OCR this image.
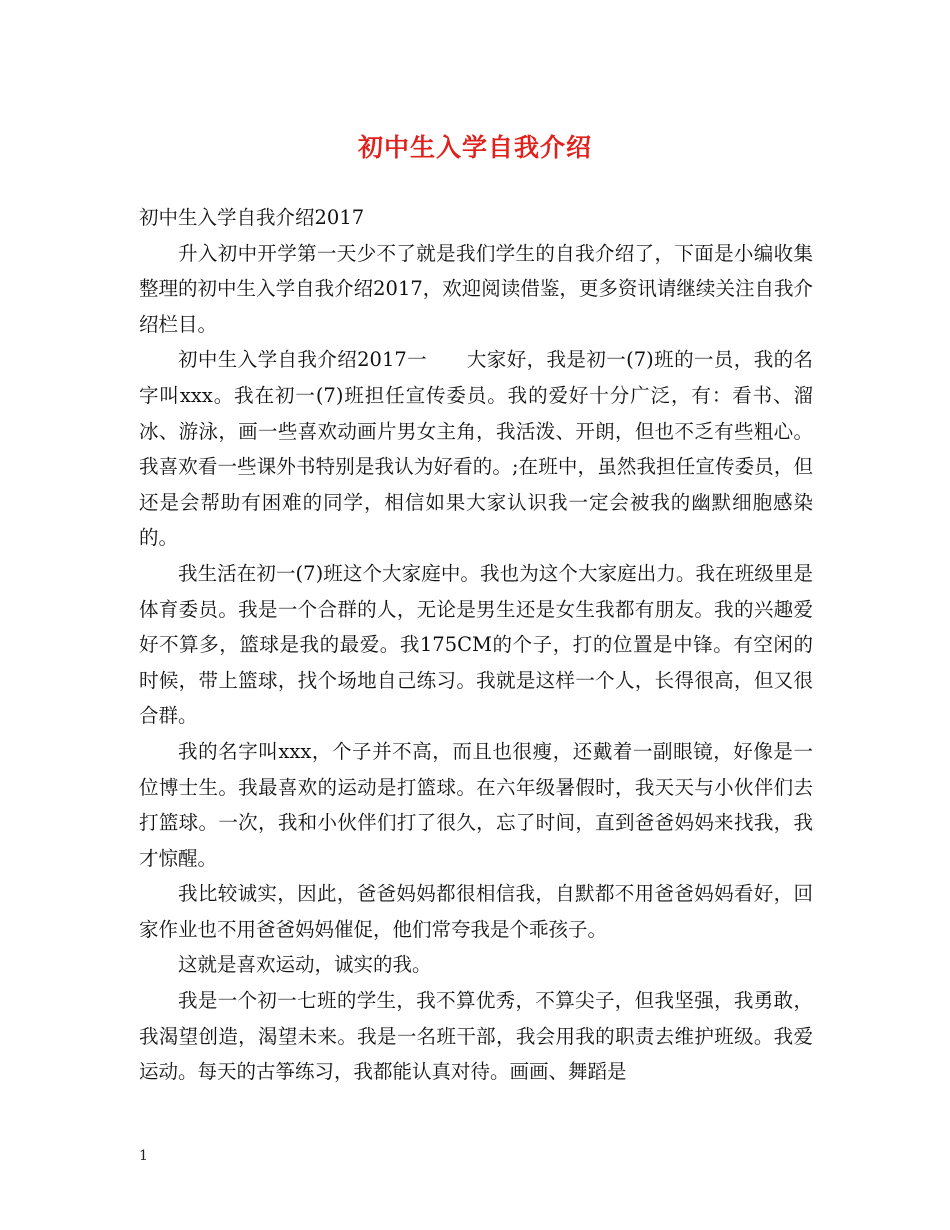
初中生入学自我介绍

初中生入学自我介绍2017

升入初中开学第一天少不了就是我们学生的自我介绍了，下面是小编收集整理的初中生入学自我介绍2017，欢迎阅读借鉴，更多资讯请继续关注自我介绍栏目。

初中生入学自我介绍2017一　　大家好，我是初一(7)班的一员，我的名字叫xxx。我在初一(7)班担任宣传委员。我的爱好十分广泛，有：看书、溜冰、游泳，画一些喜欢动画片男女主角，我活泼、开朗，但也不乏有些粗心。我喜欢看一些课外书特别是我认为好看的。;在班中，虽然我担任宣传委员，但还是会帮助有困难的同学，相信如果大家认识我一定会被我的幽默细胞感染的。

我生活在初一(7)班这个大家庭中。我也为这个大家庭出力。我在班级里是体育委员。我是一个合群的人，无论是男生还是女生我都有朋友。我的兴趣爱好不算多，篮球是我的最爱。我175CM的个子，打的位置是中锋。有空闲的时候，带上篮球，找个场地自己练习。我就是这样一个人，长得很高，但又很合群。

我的名字叫xxx，个子并不高，而且也很瘦，还戴着一副眼镜，好像是一位博士生。我最喜欢的运动是打篮球。在六年级暑假时，我天天与小伙伴们去打篮球。一次，我和小伙伴们打了很久，忘了时间，直到爸爸妈妈来找我，我才惊醒。

我比较诚实，因此，爸爸妈妈都很相信我，自默都不用爸爸妈妈看好，回家作业也不用爸爸妈妈催促，他们常夸我是个乖孩子。

这就是喜欢运动，诚实的我。

我是一个初一七班的学生，我不算优秀，不算尖子，但我坚强，我勇敢，我渴望创造，渴望未来。我是一名班干部，我会用我的职责去维护班级。我爱运动。每天的古筝练习，我都能认真对待。画画、舞蹈是

1
